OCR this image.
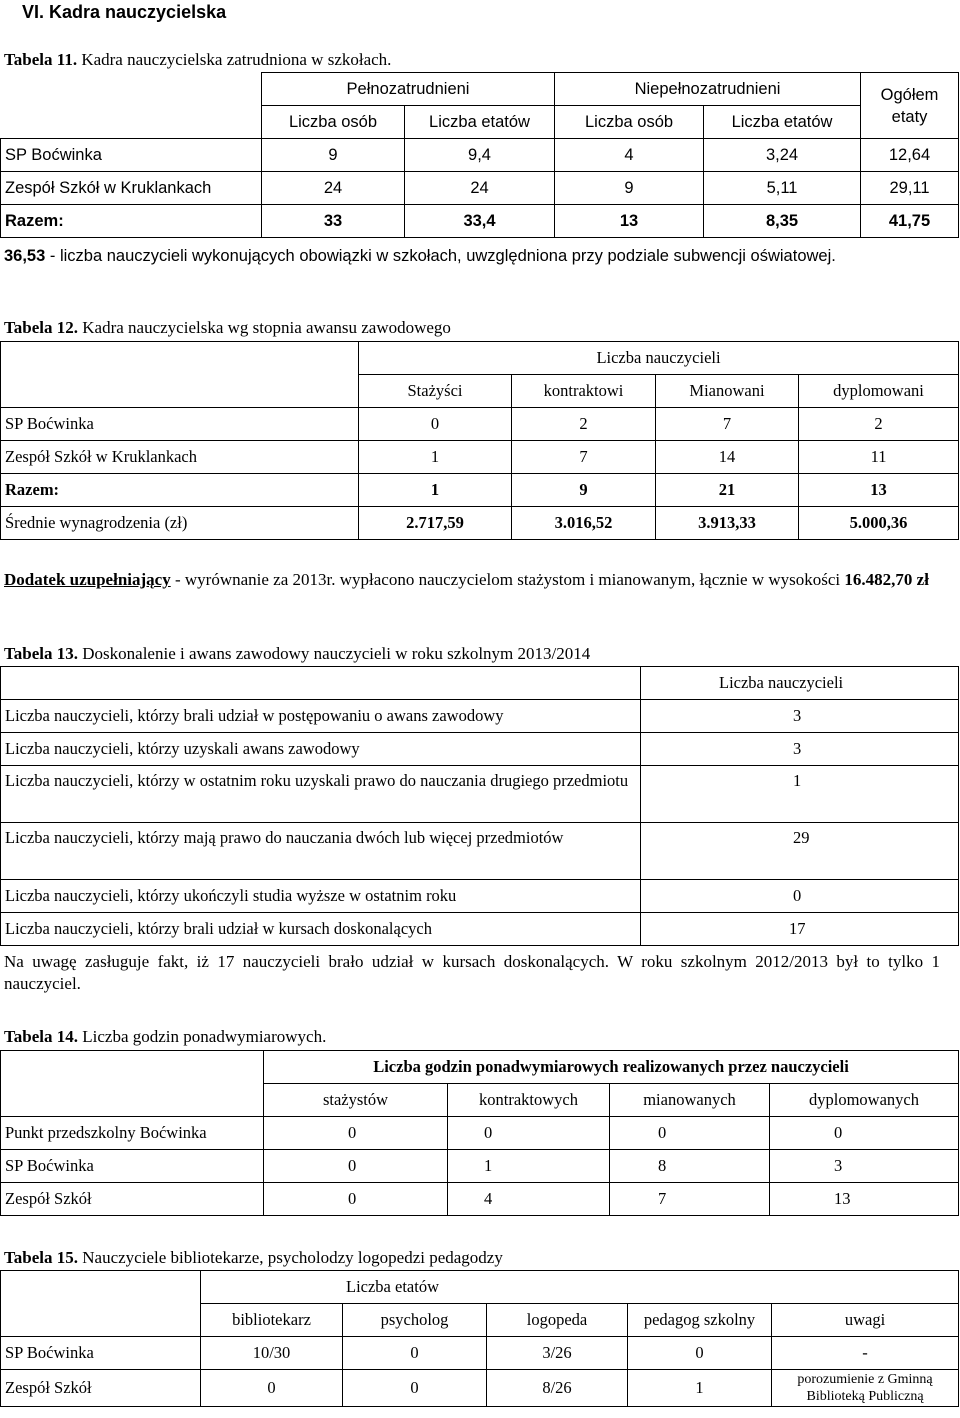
VI. Kadra nauczycielska
Tabela 11. Kadra nauczycielska zatrudniona w szkołach.
	Pełnozatrudnieni		Niepełnozatrudnieni		Ogółem etaty
	Liczba osób	Liczba etatów	Liczba osób	Liczba etatów	
SP Boćwinka	9	9,4	4	3,24	12,64
Zespół Szkół w Kruklankach	24	24	9	5,11	29,11
Razem:	33	33,4	13	8,35	41,75
36,53 - liczba nauczycieli wykonujących obowiązki w szkołach, uwzględniona przy podziale subwencji oświatowej.
Tabela 12. Kadra nauczycielska wg stopnia awansu zawodowego
	Liczba nauczycieli			
	Stażyści	kontraktowi	Mianowani	dyplomowani
SP Boćwinka	0	2	7	2
Zespół Szkół w Kruklankach	1	7	14	11
Razem:	1	9	21	13
Średnie wynagrodzenia (zł)	2.717,59	3.016,52	3.913,33	5.000,36
Dodatek uzupełniający - wyrównanie za 2013r. wypłacono nauczycielom stażystom i mianowanym, łącznie w wysokości 16.482,70 zł
Tabela 13. Doskonalenie i awans zawodowy nauczycieli w roku szkolnym 2013/2014
	Liczba nauczycieli
Liczba nauczycieli, którzy brali udział w postępowaniu o awans zawodowy	3
Liczba nauczycieli, którzy uzyskali awans zawodowy	3
Liczba nauczycieli, którzy w ostatnim roku uzyskali prawo do nauczania drugiego przedmiotu	1
Liczba nauczycieli, którzy mają prawo do nauczania dwóch lub więcej przedmiotów	29
Liczba nauczycieli, którzy ukończyli studia wyższe w ostatnim roku	0
Liczba nauczycieli, którzy brali udział w kursach doskonalących	17
Na uwagę zasługuje fakt, iż 17 nauczycieli brało udział w kursach doskonalących. W roku szkolnym 2012/2013 był to tylko 1 nauczyciel.
Tabela 14. Liczba godzin ponadwymiarowych.
	Liczba godzin ponadwymiarowych realizowanych przez nauczycieli			
	stażystów	kontraktowych	mianowanych	dyplomowanych
Punkt przedszkolny Boćwinka	0	0	0	0
SP Boćwinka	0	1	8	3
Zespół Szkół	0	4	7	13
Tabela 15. Nauczyciele bibliotekarze, psycholodzy logopedzi pedagodzy
	Liczba etatów				
	bibliotekarz	psycholog	logopeda	pedagog szkolny	uwagi
SP Boćwinka	10/30	0	3/26	0	-
Zespół Szkół	0	0	8/26	1	porozumienie z Gminną Biblioteką Publiczną
